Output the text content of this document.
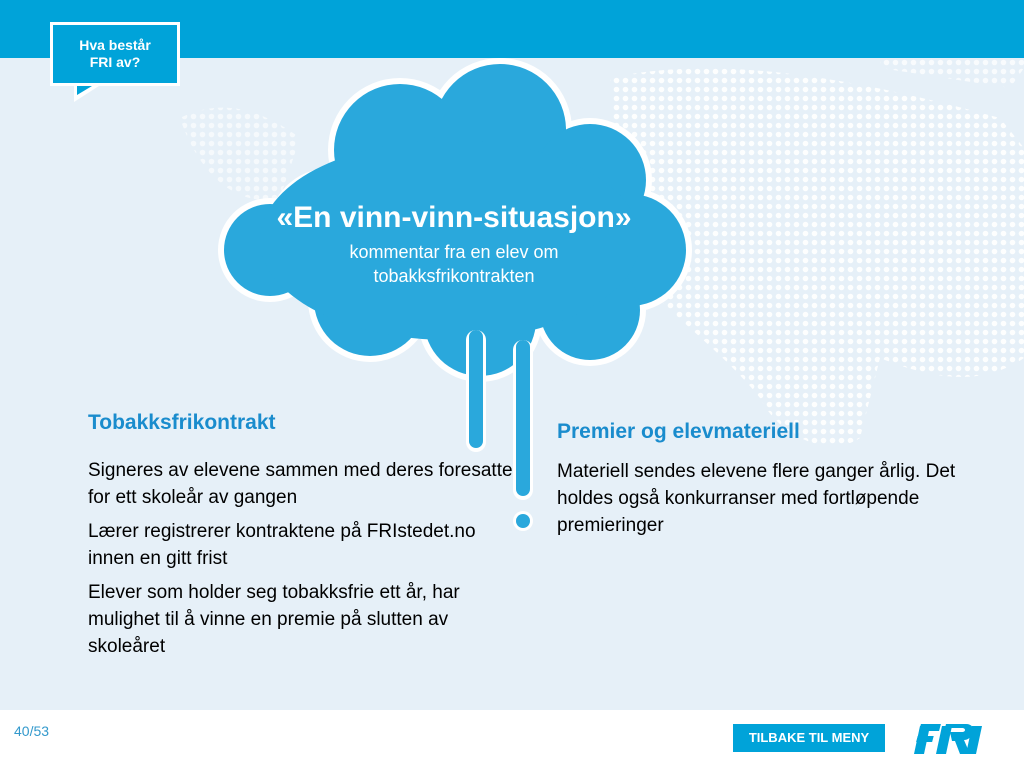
Hva består
FRI av?
«En vinn-vinn-situasjon»
kommentar fra en elev om
tobakksfrikontrakten
Tobakksfrikontrakt

Signeres av elevene sammen med deres foresatte for ett skoleår av gangen

Lærer registrerer kontraktene på FRIstedet.no innen en gitt frist

Elever som holder seg tobakksfrie ett år, har mulighet til å vinne en premie på slutten av skoleåret

Premier og elevmateriell

Materiell sendes elevene flere ganger årlig. Det holdes også konkurranser med fortløpende premieringer

40/53	TILBAKE TIL MENY
